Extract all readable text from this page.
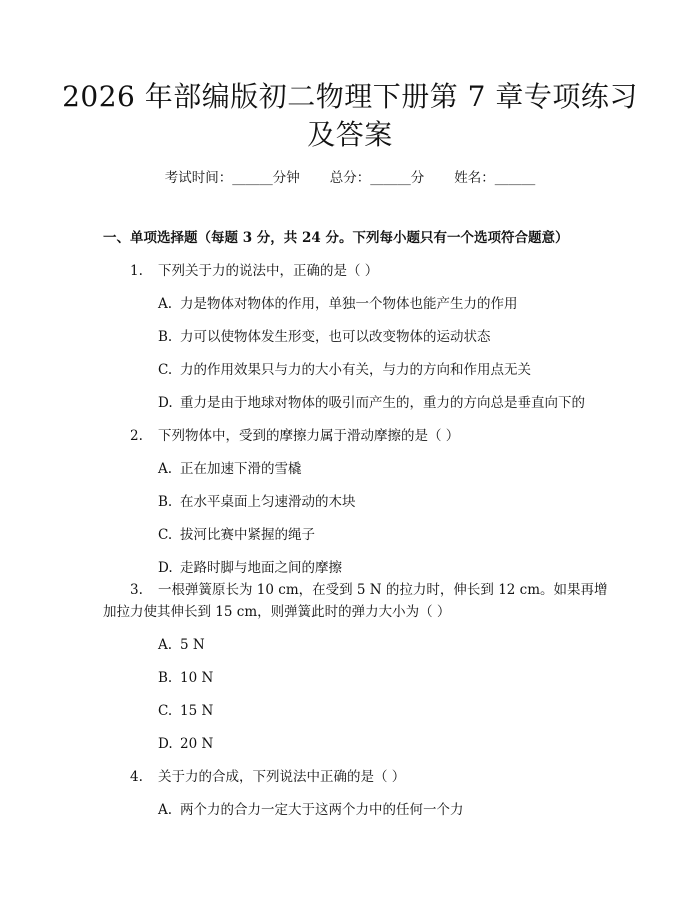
2026 年部编版初二物理下册第 7 章专项练习
及答案
考试时间：______分钟 总分：______分 姓名：______
一、单项选择题（每题 3 分，共 24 分。下列每小题只有一个选项符合题意）
1. 下列关于力的说法中，正确的是（ ）
A. 力是物体对物体的作用，单独一个物体也能产生力的作用
B. 力可以使物体发生形变，也可以改变物体的运动状态
C. 力的作用效果只与力的大小有关，与力的方向和作用点无关
D. 重力是由于地球对物体的吸引而产生的，重力的方向总是垂直向下的
2. 下列物体中，受到的摩擦力属于滑动摩擦的是（ ）
A. 正在加速下滑的雪橇
B. 在水平桌面上匀速滑动的木块
C. 拔河比赛中紧握的绳子
D. 走路时脚与地面之间的摩擦
3. 一根弹簧原长为 10 cm，在受到 5 N 的拉力时，伸长到 12 cm。如果再增
加拉力使其伸长到 15 cm，则弹簧此时的弹力大小为（ ）
A. 5 N
B. 10 N
C. 15 N
D. 20 N
4. 关于力的合成，下列说法中正确的是（ ）
A. 两个力的合力一定大于这两个力中的任何一个力
